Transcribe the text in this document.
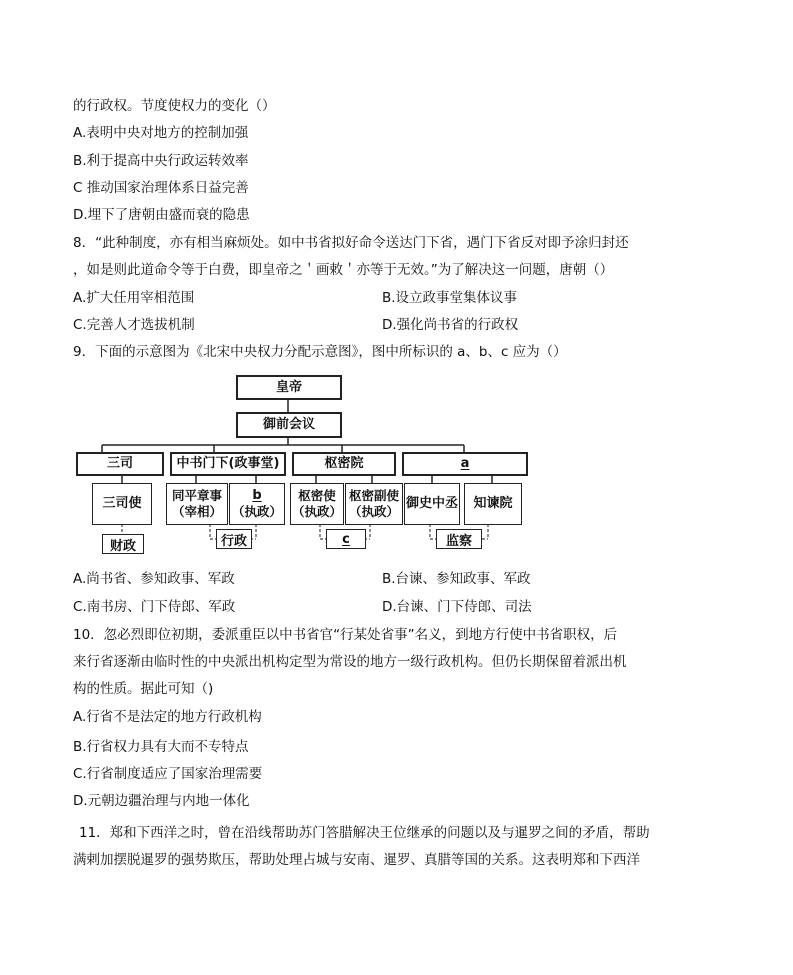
的行政权。节度使权力的变化（）
A.表明中央对地方的控制加强
B.利于提高中央行政运转效率
C 推动国家治理体系日益完善
D.埋下了唐朝由盛而衰的隐患
8．“此种制度，亦有相当麻烦处。如中书省拟好命令送达门下省，遇门下省反对即予涂归封还
，如是则此道命令等于白费，即皇帝之＇画敕＇亦等于无效。”为了解决这一问题，唐朝（）
A.扩大任用宰相范围	B.设立政事堂集体议事
C.完善人才选拔机制	D.强化尚书省的行政权
9．下面的示意图为《北宋中央权力分配示意图》，图中所标识的 a、b、c 应为（）
皇帝
御前会议
三司	中书门下(政事堂)	枢密院	a
三司使
同平章事
（宰相）
b
（执政）
枢密使
（执政）
枢密副使
（执政）
御史中丞	知谏院
财政	行政	c	监察
A.尚书省、参知政事、军政	B.台谏、参知政事、军政
C.南书房、门下侍郎、军政	D.台谏、门下侍郎、司法
10．忽必烈即位初期，委派重臣以中书省官“行某处省事”名义，到地方行使中书省职权，后
来行省逐渐由临时性的中央派出机构定型为常设的地方一级行政机构。但仍长期保留着派出机
构的性质。据此可知（)
A.行省不是法定的地方行政机构
B.行省权力具有大而不专特点
C.行省制度适应了国家治理需要
D.元朝边疆治理与内地一体化
11．郑和下西洋之时，曾在沿线帮助苏门答腊解决王位继承的问题以及与暹罗之间的矛盾，帮助
满剌加摆脱暹罗的强势欺压，帮助处理占城与安南、暹罗、真腊等国的关系。这表明郑和下西洋
